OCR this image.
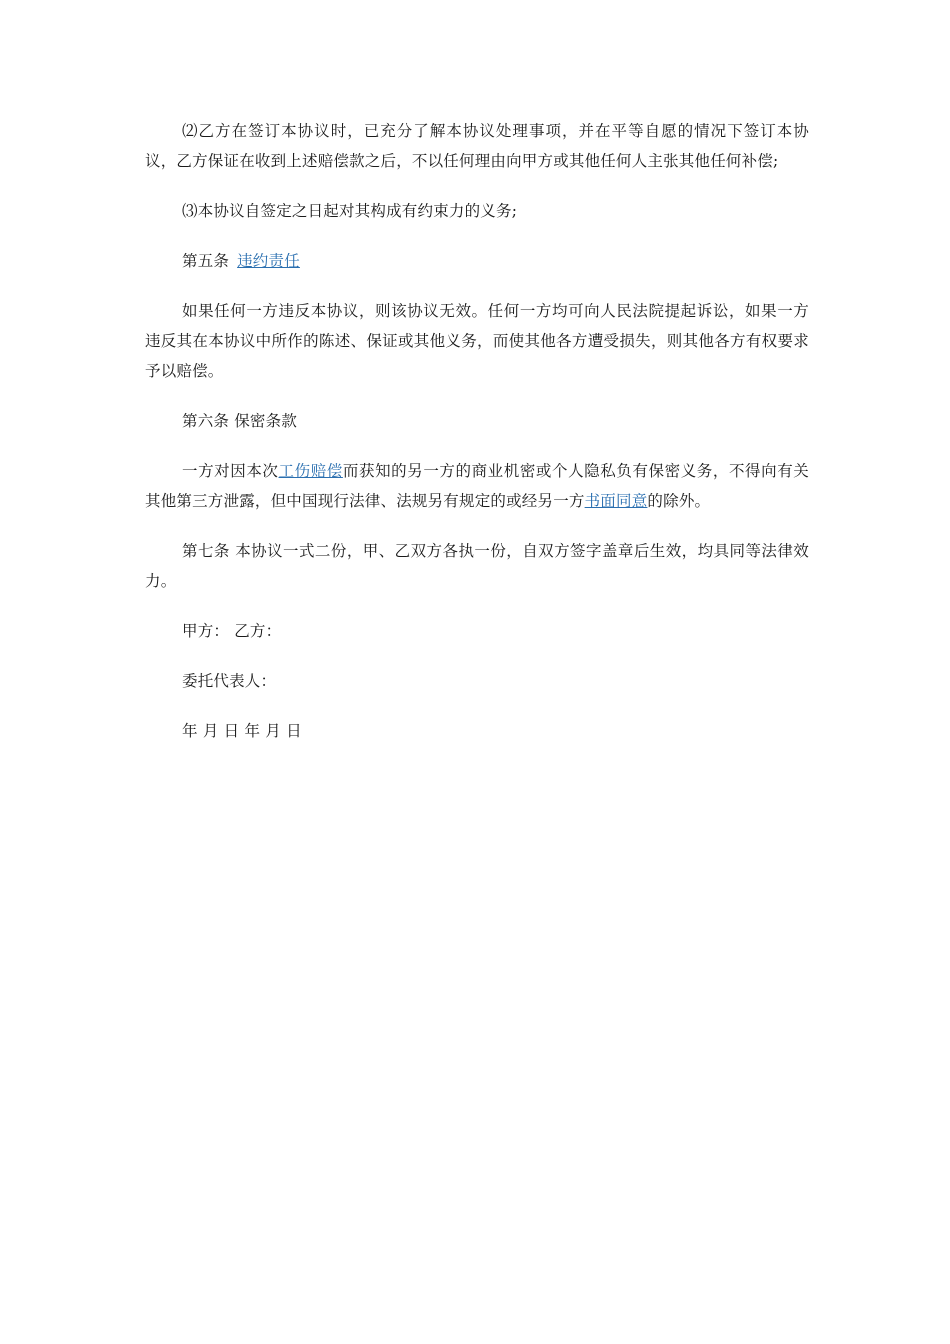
⑵乙方在签订本协议时，已充分了解本协议处理事项，并在平等自愿的情况下签订本协议，乙方保证在收到上述赔偿款之后，不以任何理由向甲方或其他任何人主张其他任何补偿;

⑶本协议自签定之日起对其构成有约束力的义务;

第五条 违约责任

如果任何一方违反本协议，则该协议无效。任何一方均可向人民法院提起诉讼，如果一方违反其在本协议中所作的陈述、保证或其他义务，而使其他各方遭受损失，则其他各方有权要求予以赔偿。

第六条 保密条款

一方对因本次工伤赔偿而获知的另一方的商业机密或个人隐私负有保密义务，不得向有关其他第三方泄露，但中国现行法律、法规另有规定的或经另一方书面同意的除外。

第七条 本协议一式二份，甲、乙双方各执一份，自双方签字盖章后生效，均具同等法律效力。

甲方： 乙方：

委托代表人：

年 月 日 年 月 日
